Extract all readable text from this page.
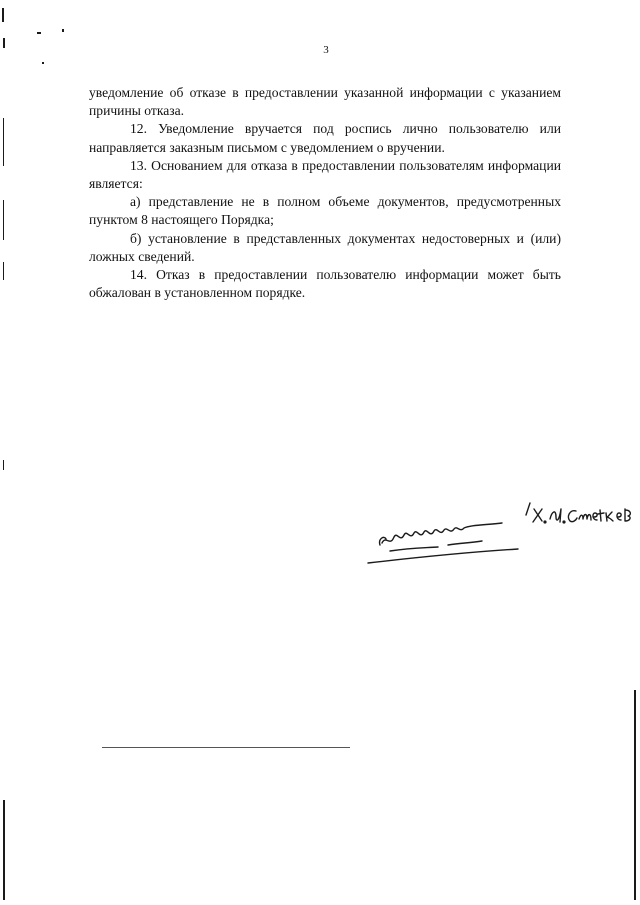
3

уведомление об отказе в предоставлении указанной информации с указанием причины отказа.

12. Уведомление вручается под роспись лично пользователю или направляется заказным письмом с уведомлением о вручении.

13. Основанием для отказа в предоставлении пользователям информации является:

а) представление не в полном объеме документов, предусмотренных пунктом 8 настоящего Порядка;

б) установление в представленных документах недостоверных и (или) ложных сведений.

14. Отказ в предоставлении пользователю информации может быть обжалован в установленном порядке.
